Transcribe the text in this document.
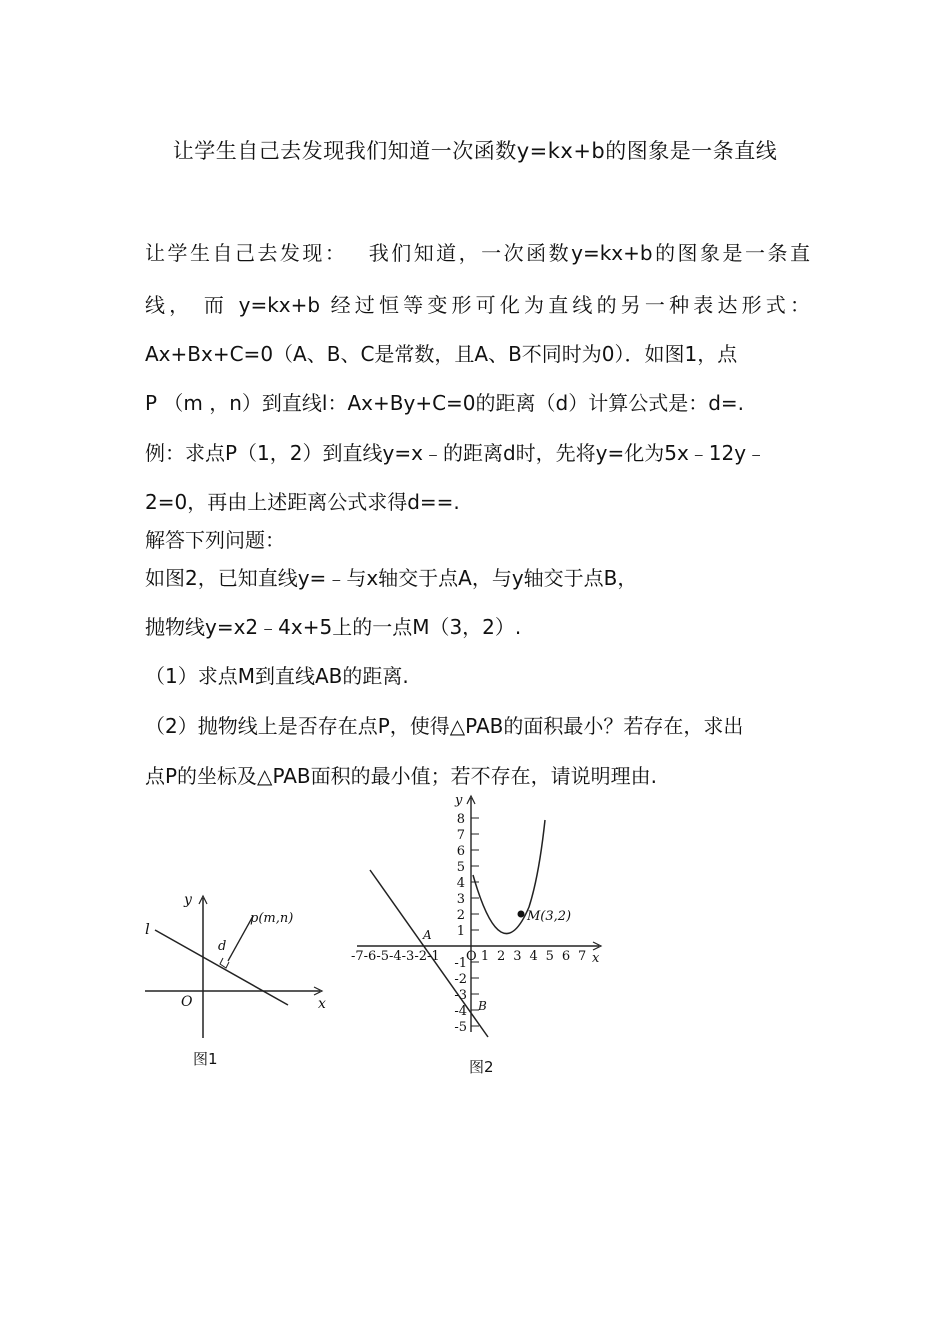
让学生自己去发现我们知道一次函数y=kx+b的图象是一条直线
让学生自己去发现：　 我们知道，一次函数y=kx+b的图象是一条直
线， 而 y=kx+b 经过恒等变形可化为直线的另一种表达形式：
Ax+Bx+C=0（A、B、C是常数，且A、B不同时为0）．如图1，点
P （m ，n）到直线l：Ax+By+C=0的距离（d）计算公式是：d=.
例：求点P（1，2）到直线y=x﹣的距离d时，先将y=化为5x﹣12y﹣
2=0，再由上述距离公式求得d==.
解答下列问题：
如图2，已知直线y=﹣与x轴交于点A，与y轴交于点B，
抛物线y=x2﹣4x+5上的一点M（3，2）.
（1）求点M到直线AB的距离.
（2）抛物线上是否存在点P，使得△PAB的面积最小？若存在，求出
点P的坐标及△PAB面积的最小值；若不存在，请说明理由.
y
x
O
l
d
p(m,n)
图1
y
x
A
B
M(3,2)
-7-6-5-4-3-2-1 O 1 2 3 4 5 6 7
8
7
6
5
4
3
2
1
-1
-2
-3
-4
-5
图2
